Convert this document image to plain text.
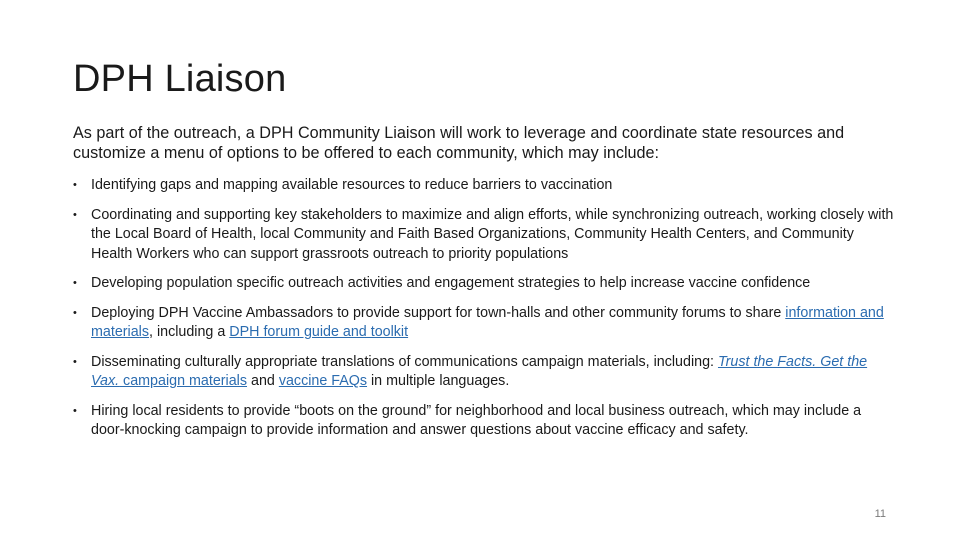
DPH Liaison

As part of the outreach, a DPH Community Liaison will work to leverage and coordinate state resources and customize a menu of options to be offered to each community, which may include:

• Identifying gaps and mapping available resources to reduce barriers to vaccination
• Coordinating and supporting key stakeholders to maximize and align efforts, while synchronizing outreach, working closely with the Local Board of Health, local Community and Faith Based Organizations, Community Health Centers, and Community Health Workers who can support grassroots outreach to priority populations
• Developing population specific outreach activities and engagement strategies to help increase vaccine confidence
• Deploying DPH Vaccine Ambassadors to provide support for town-halls and other community forums to share information and materials, including a DPH forum guide and toolkit
• Disseminating culturally appropriate translations of communications campaign materials, including: Trust the Facts. Get the Vax. campaign materials and vaccine FAQs in multiple languages.
• Hiring local residents to provide “boots on the ground” for neighborhood and local business outreach, which may include a door-knocking campaign to provide information and answer questions about vaccine efficacy and safety.
11
